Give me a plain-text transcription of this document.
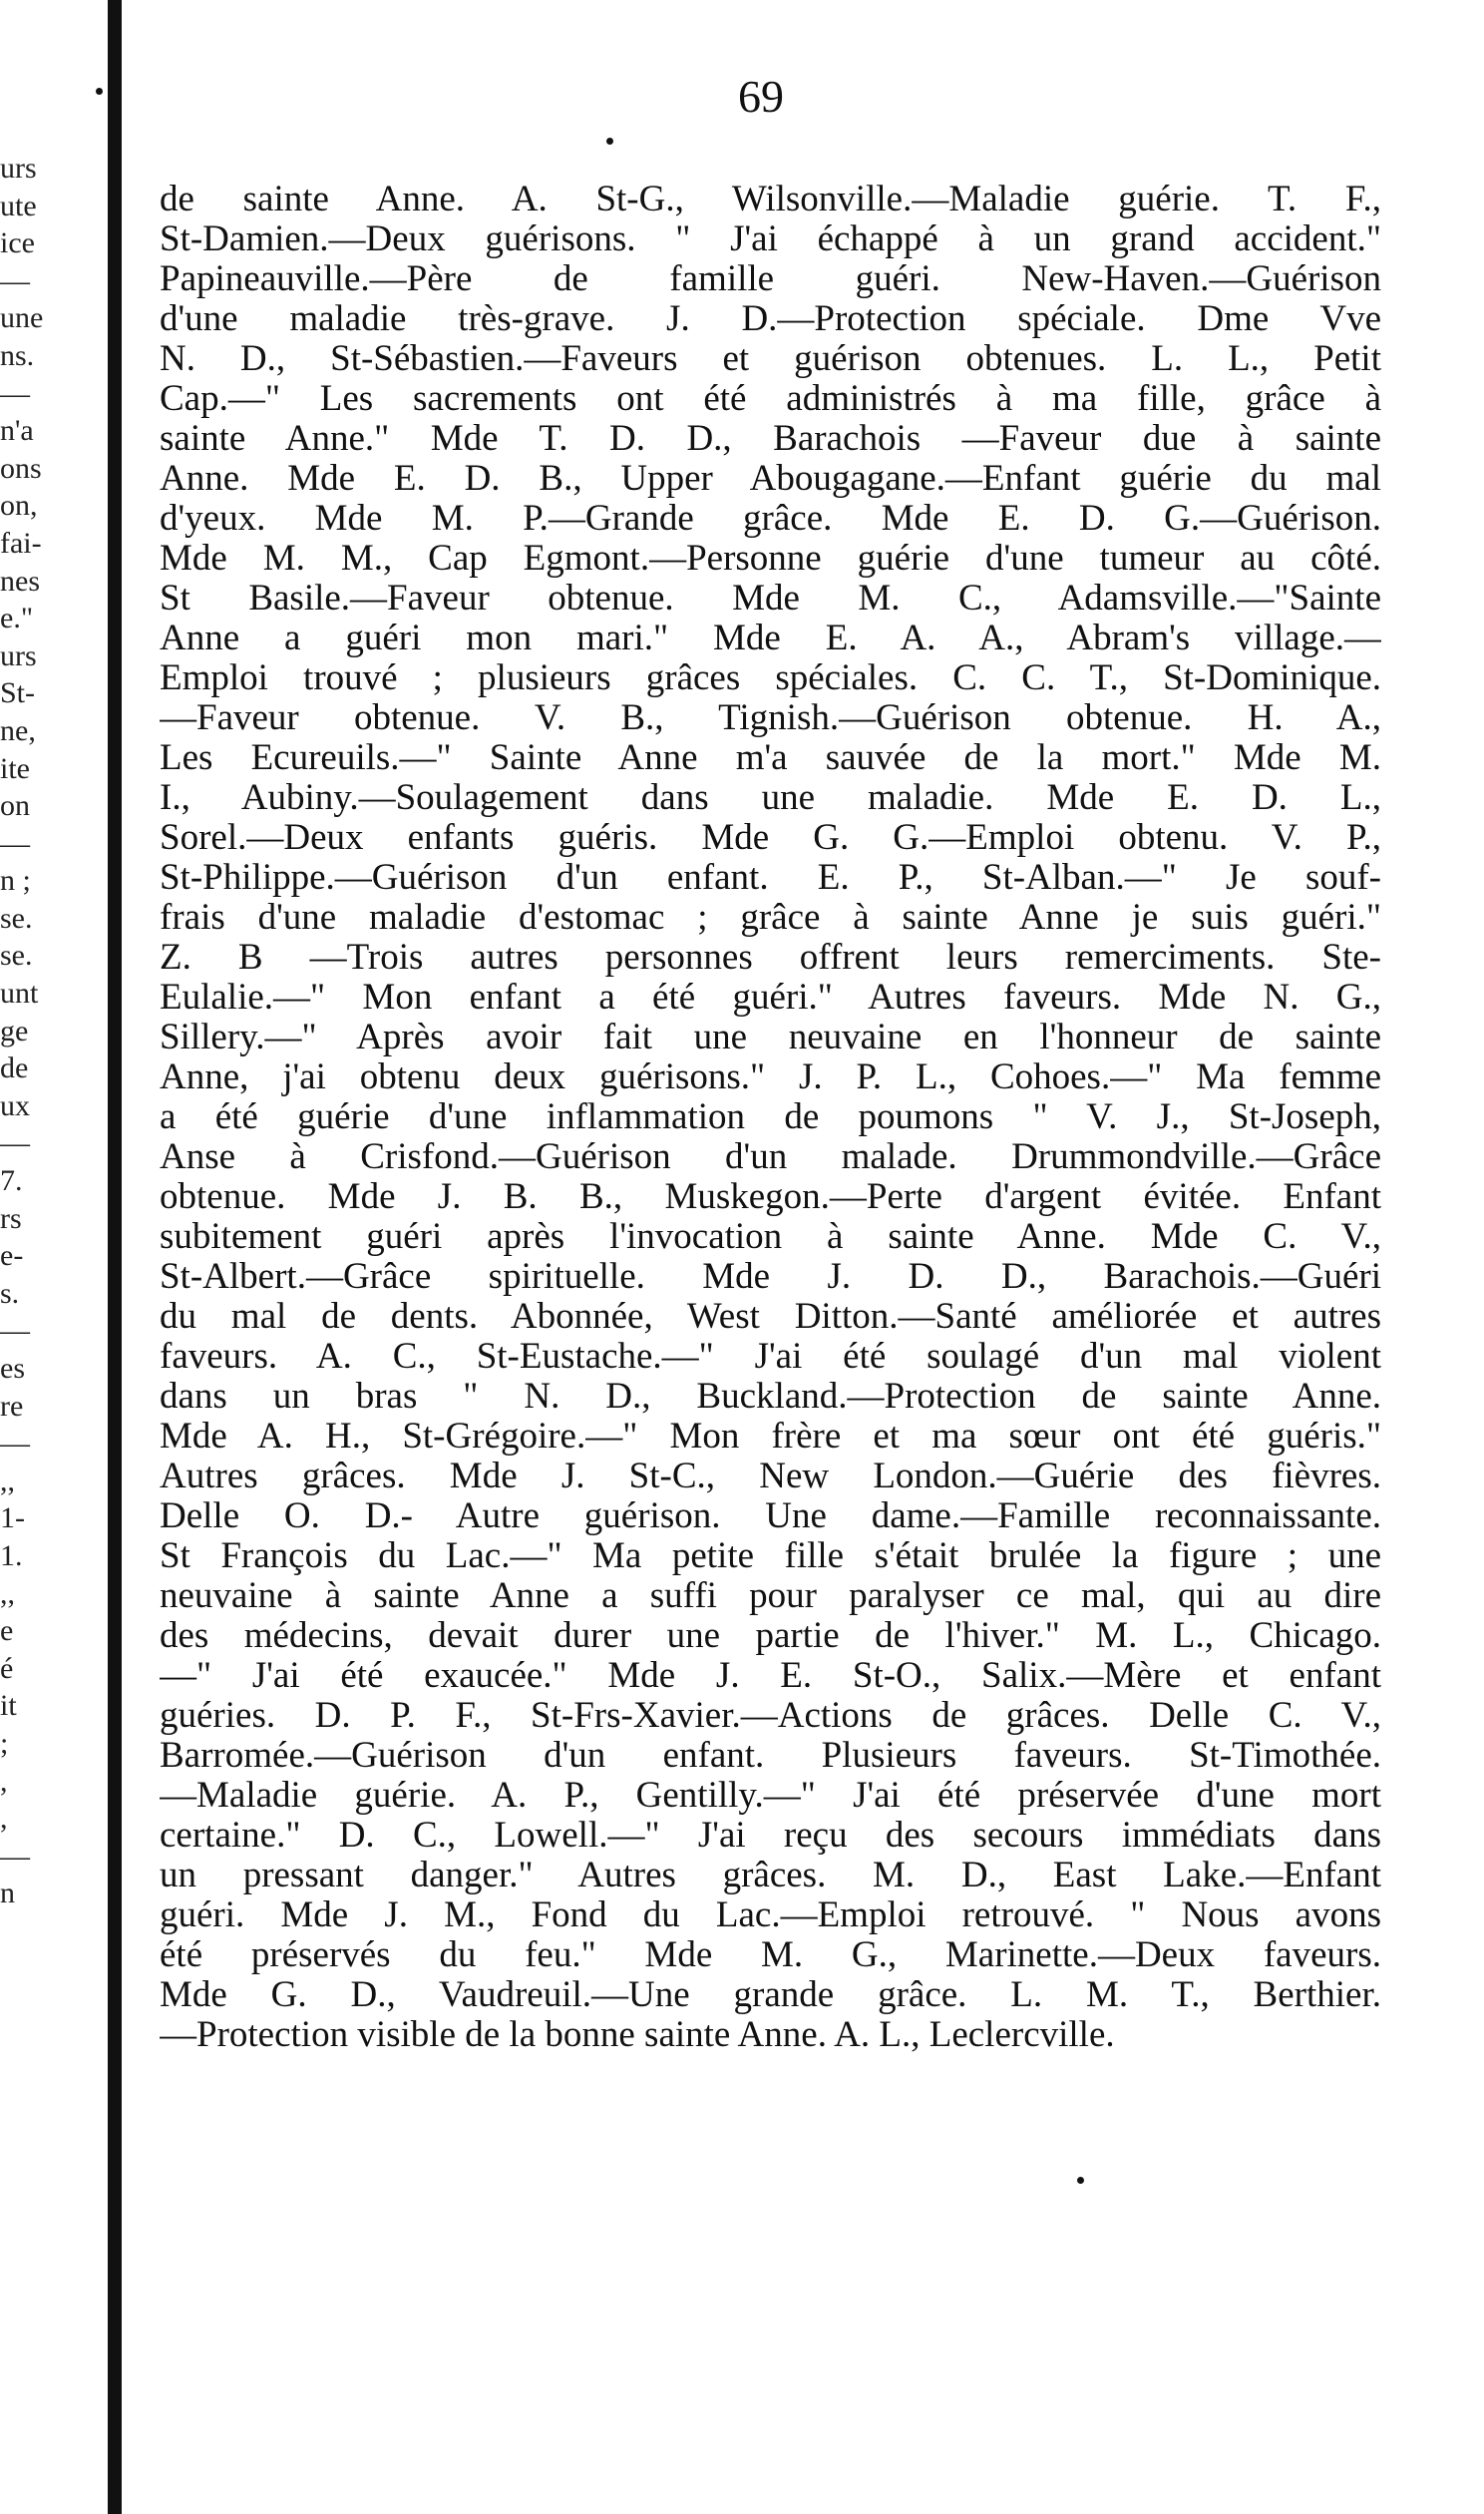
urs
ute
ice
—
une
ns.
—
n'a
ons
on,
fai-
nes
e."
urs
St-
ne,
ite
on
—
n ;
se.
se.
unt
ge
de
ux
—
7.
rs
e-
s.
—
es
re
—
,,
1-
1.
,,
e
é
it
;
,
,
—
n
69
de sainte Anne. A. St-G., Wilsonville.—Maladie guérie. T. F.,
St-Damien.—Deux guérisons. " J'ai échappé à un grand accident."
Papineauville.—Père de famille guéri. New-Haven.—Guérison
d'une maladie très-grave. J. D.—Protection spéciale. Dme Vve
N. D., St-Sébastien.—Faveurs et guérison obtenues. L. L., Petit
Cap.—" Les sacrements ont été administrés à ma fille, grâce à
sainte Anne." Mde T. D. D., Barachois —Faveur due à sainte
Anne. Mde E. D. B., Upper Abougagane.—Enfant guérie du mal
d'yeux. Mde M. P.—Grande grâce. Mde E. D. G.—Guérison.
Mde M. M., Cap Egmont.—Personne guérie d'une tumeur au côté.
St Basile.—Faveur obtenue. Mde M. C., Adamsville.—"Sainte
Anne a guéri mon mari." Mde E. A. A., Abram's village.—
Emploi trouvé ; plusieurs grâces spéciales. C. C. T., St-Dominique.
—Faveur obtenue. V. B., Tignish.—Guérison obtenue. H. A.,
Les Ecureuils.—" Sainte Anne m'a sauvée de la mort." Mde M.
I., Aubiny.—Soulagement dans une maladie. Mde E. D. L.,
Sorel.—Deux enfants guéris. Mde G. G.—Emploi obtenu. V. P.,
St-Philippe.—Guérison d'un enfant. E. P., St-Alban.—" Je souf-
frais d'une maladie d'estomac ; grâce à sainte Anne je suis guéri."
Z. B —Trois autres personnes offrent leurs remerciments. Ste-
Eulalie.—" Mon enfant a été guéri." Autres faveurs. Mde N. G.,
Sillery.—" Après avoir fait une neuvaine en l'honneur de sainte
Anne, j'ai obtenu deux guérisons." J. P. L., Cohoes.—" Ma femme
a été guérie d'une inflammation de poumons " V. J., St-Joseph,
Anse à Crisfond.—Guérison d'un malade. Drummondville.—Grâce
obtenue. Mde J. B. B., Muskegon.—Perte d'argent évitée. Enfant
subitement guéri après l'invocation à sainte Anne. Mde C. V.,
St-Albert.—Grâce spirituelle. Mde J. D. D., Barachois.—Guéri
du mal de dents. Abonnée, West Ditton.—Santé améliorée et autres
faveurs. A. C., St-Eustache.—" J'ai été soulagé d'un mal violent
dans un bras " N. D., Buckland.—Protection de sainte Anne.
Mde A. H., St-Grégoire.—" Mon frère et ma sœur ont été guéris."
Autres grâces. Mde J. St-C., New London.—Guérie des fièvres.
Delle O. D.- Autre guérison. Une dame.—Famille reconnaissante.
St François du Lac.—" Ma petite fille s'était brulée la figure ; une
neuvaine à sainte Anne a suffi pour paralyser ce mal, qui au dire
des médecins, devait durer une partie de l'hiver." M. L., Chicago.
—" J'ai été exaucée." Mde J. E. St-O., Salix.—Mère et enfant
guéries. D. P. F., St-Frs-Xavier.—Actions de grâces. Delle C. V.,
Barromée.—Guérison d'un enfant. Plusieurs faveurs. St-Timothée.
—Maladie guérie. A. P., Gentilly.—" J'ai été préservée d'une mort
certaine." D. C., Lowell.—" J'ai reçu des secours immédiats dans
un pressant danger." Autres grâces. M. D., East Lake.—Enfant
guéri. Mde J. M., Fond du Lac.—Emploi retrouvé. " Nous avons
été préservés du feu." Mde M. G., Marinette.—Deux faveurs.
Mde G. D., Vaudreuil.—Une grande grâce. L. M. T., Berthier.
—Protection visible de la bonne sainte Anne. A. L., Leclercville.
